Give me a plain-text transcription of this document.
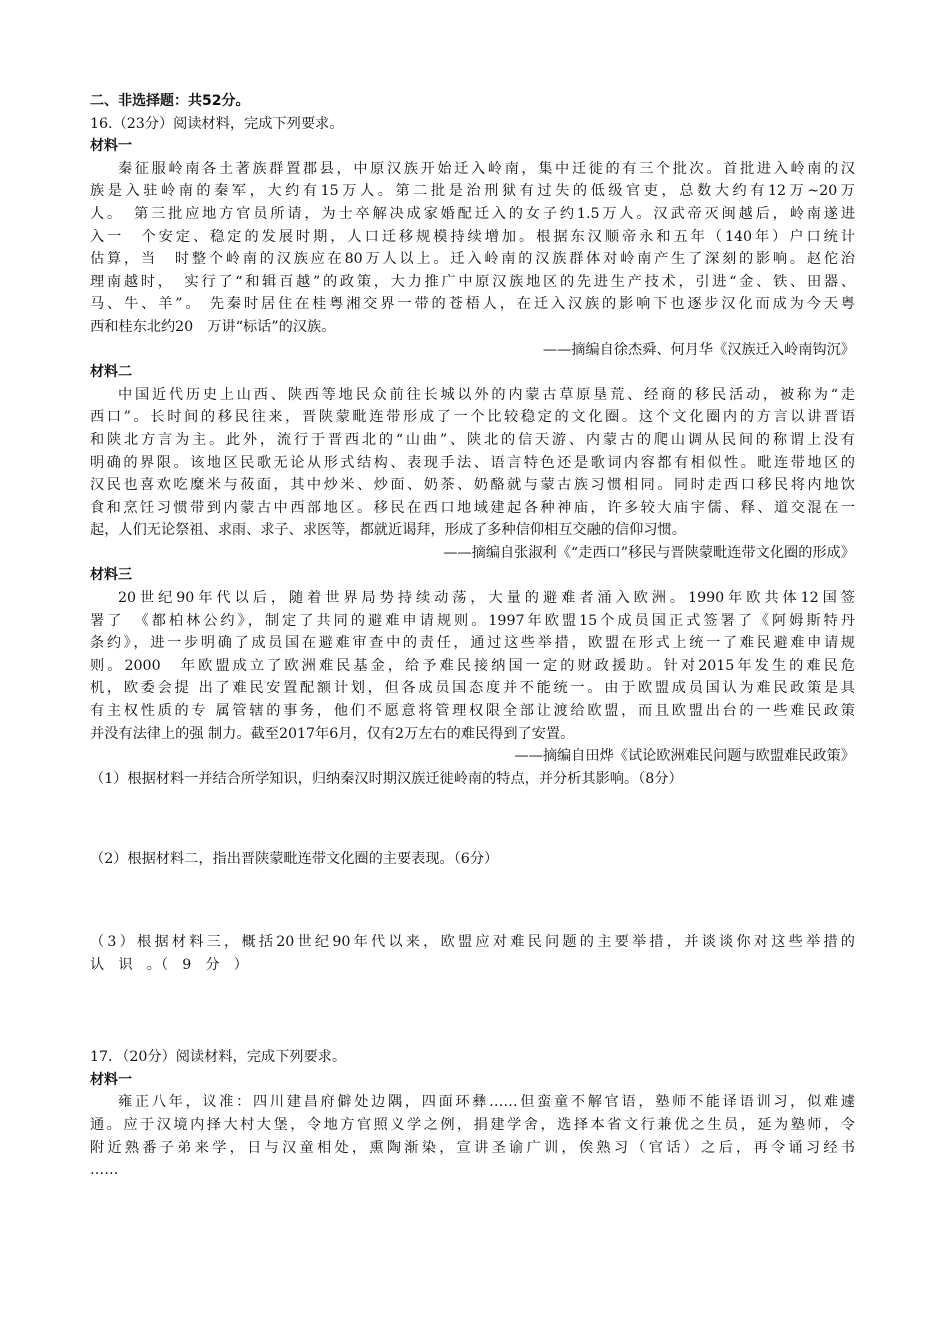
二、非选择题：共52分。
16.（23分）阅读材料，完成下列要求。
材料一
秦征服岭南各土著族群置郡县，中原汉族开始迁入岭南，集中迁徙的有三个批次。首批进入岭南的汉
族是入驻岭南的秦军，大约有15万人。第二批是治刑狱有过失的低级官吏，总数大约有12万~20万
人。　第三批应地方官员所请，为士卒解决成家婚配迁入的女子约1.5万人。汉武帝灭闽越后，岭南遂进
入一　个安定、稳定的发展时期，人口迁移规模持续增加。根据东汉顺帝永和五年（140年）户口统计
估算，当　时整个岭南的汉族应在80万人以上。迁入岭南的汉族群体对岭南产生了深刻的影响。赵佗治
理南越时，　实行了“和辑百越”的政策，大力推广中原汉族地区的先进生产技术，引进“金、铁、田器、
马、牛、羊”。 先秦时居住在桂粤湘交界一带的苍梧人，在迁入汉族的影响下也逐步汉化而成为今天粤
西和桂东北约20　万讲“标话”的汉族。
——摘编自徐杰舜、何月华《汉族迁入岭南钩沉》
材料二
中国近代历史上山西、陕西等地民众前往长城以外的内蒙古草原垦荒、经商的移民活动，被称为“走
西口”。长时间的移民往来，晋陕蒙毗连带形成了一个比较稳定的文化圈。这个文化圈内的方言以讲晋语
和陕北方言为主。此外，流行于晋西北的“山曲”、陕北的信天游、内蒙古的爬山调从民间的称谓上没有
明确的界限。该地区民歌无论从形式结构、表现手法、语言特色还是歌词内容都有相似性。毗连带地区的
汉民也喜欢吃糜米与莜面，其中炒米、炒面、奶茶、奶酪就与蒙古族习惯相同。同时走西口移民将内地饮
食和烹饪习惯带到内蒙古中西部地区。移民在西口地域建起各种神庙，许多较大庙宇儒、释、道交混在一
起，人们无论祭祖、求雨、求子、求医等，都就近谒拜，形成了多种信仰相互交融的信仰习惯。
——摘编自张淑利《“走西口”移民与晋陕蒙毗连带文化圈的形成》
材料三
20世纪90年代以后，随着世界局势持续动荡，大量的避难者涌入欧洲。1990年欧共体12国签
署了　《都柏林公约》，制定了共同的避难申请规则。1997年欧盟15个成员国正式签署了《阿姆斯特丹
条约》，进一步明确了成员国在避难审查中的责任，通过这些举措，欧盟在形式上统一了难民避难申请规
则。2000　年欧盟成立了欧洲难民基金，给予难民接纳国一定的财政援助。针对2015年发生的难民危
机，欧委会提 出了难民安置配额计划，但各成员国态度并不能统一。由于欧盟成员国认为难民政策是具
有主权性质的专 属管辖的事务，他们不愿意将管理权限全部让渡给欧盟，而且欧盟出台的一些难民政策
并没有法律上的强 制力。截至2017年6月，仅有2万左右的难民得到了安置。
——摘编自田烨《试论欧洲难民问题与欧盟难民政策》
（1）根据材料一并结合所学知识，归纳秦汉时期汉族迁徙岭南的特点，并分析其影响。（8分）
（2）根据材料二，指出晋陕蒙毗连带文化圈的主要表现。（6分）
（3）根据材料三，概括20世纪90年代以来，欧盟应对难民问题的主要举措，并谈谈你对这些举措的
认　识　。（　9　分　）
17．（20分）阅读材料，完成下列要求。
材料一
雍正八年，议准：四川建昌府僻处边隅，四面环彝……但蛮童不解官语，塾师不能译语训习，似难遽
通。应于汉境内择大村大堡，令地方官照义学之例，捐建学舍，选择本省文行兼优之生员，延为塾师，令
附近熟番子弟来学，日与汉童相处，熏陶渐染，宣讲圣谕广训，俟熟习（官话）之后，再令诵习经书
……
